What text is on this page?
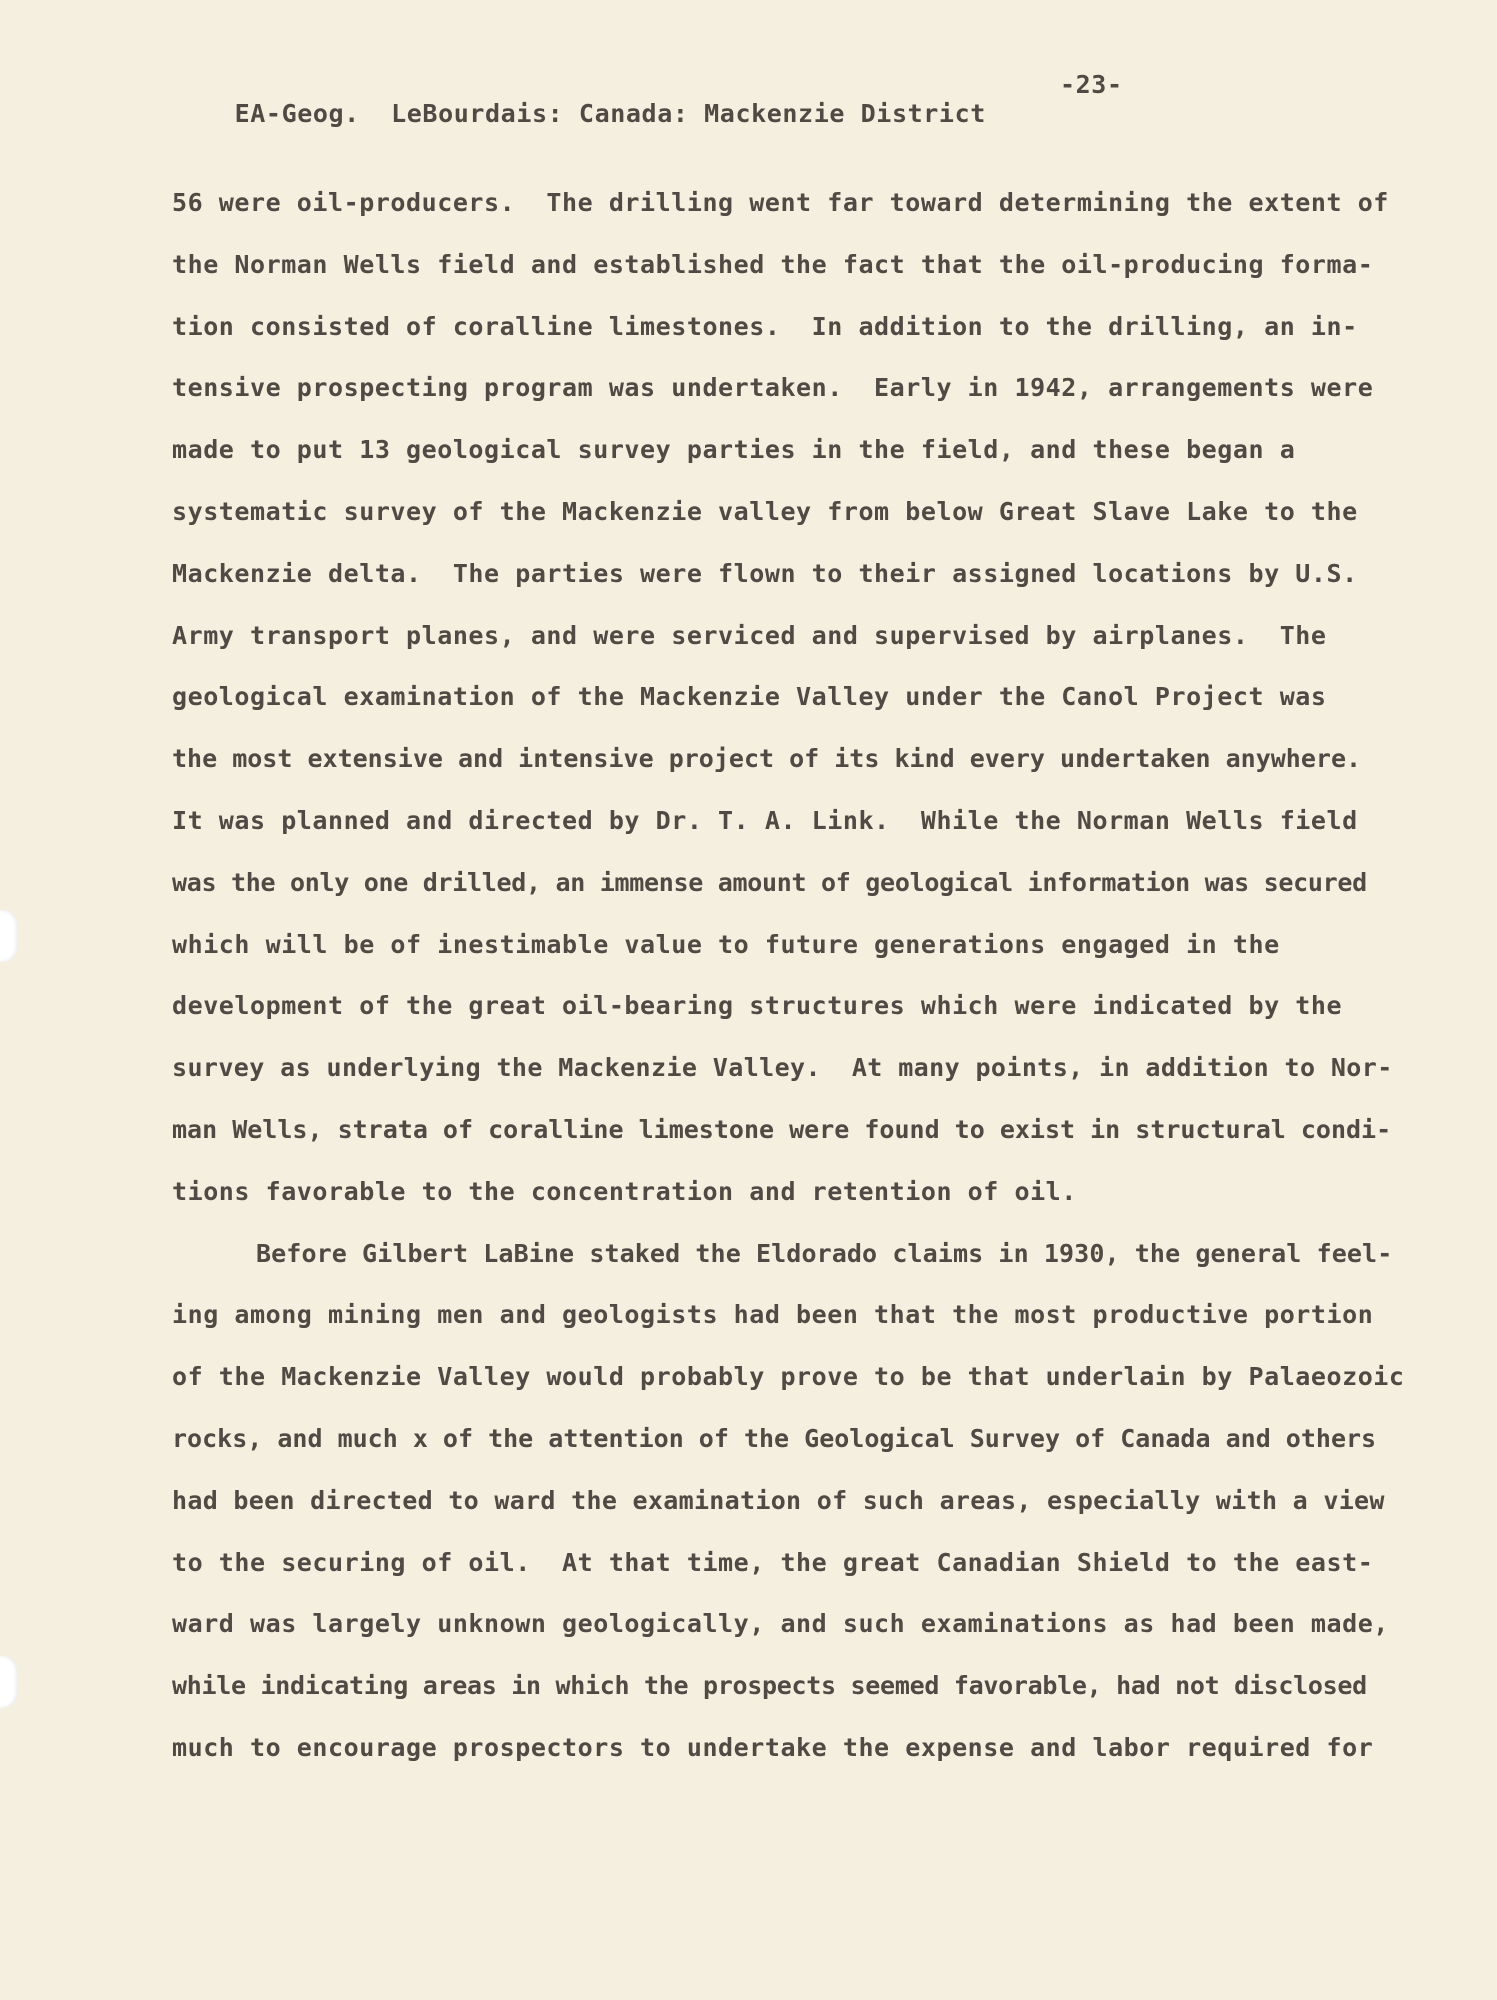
EA-Geog.  LeBourdais: Canada: Mackenzie District

-23-

56 were oil-producers.  The drilling went far toward determining the extent of
the Norman Wells field and established the fact that the oil-producing forma-
tion consisted of coralline limestones.  In addition to the drilling, an in-
tensive prospecting program was undertaken.  Early in 1942, arrangements were
made to put 13 geological survey parties in the field, and these began a
systematic survey of the Mackenzie valley from below Great Slave Lake to the
Mackenzie delta.  The parties were flown to their assigned locations by U.S.
Army transport planes, and were serviced and supervised by airplanes.  The
geological examination of the Mackenzie Valley under the Canol Project was
the most extensive and intensive project of its kind every undertaken anywhere.
It was planned and directed by Dr. T. A. Link.  While the Norman Wells field
was the only one drilled, an immense amount of geological information was secured
which will be of inestimable value to future generations engaged in the
development of the great oil-bearing structures which were indicated by the
survey as underlying the Mackenzie Valley.  At many points, in addition to Nor-
man Wells, strata of coralline limestone were found to exist in structural condi-
tions favorable to the concentration and retention of oil.
Before Gilbert LaBine staked the Eldorado claims in 1930, the general feel-
ing among mining men and geologists had been that the most productive portion
of the Mackenzie Valley would probably prove to be that underlain by Palaeozoic
rocks, and much x of the attention of the Geological Survey of Canada and others
had been directed to ward the examination of such areas, especially with a view
to the securing of oil.  At that time, the great Canadian Shield to the east-
ward was largely unknown geologically, and such examinations as had been made,
while indicating areas in which the prospects seemed favorable, had not disclosed
much to encourage prospectors to undertake the expense and labor required for
